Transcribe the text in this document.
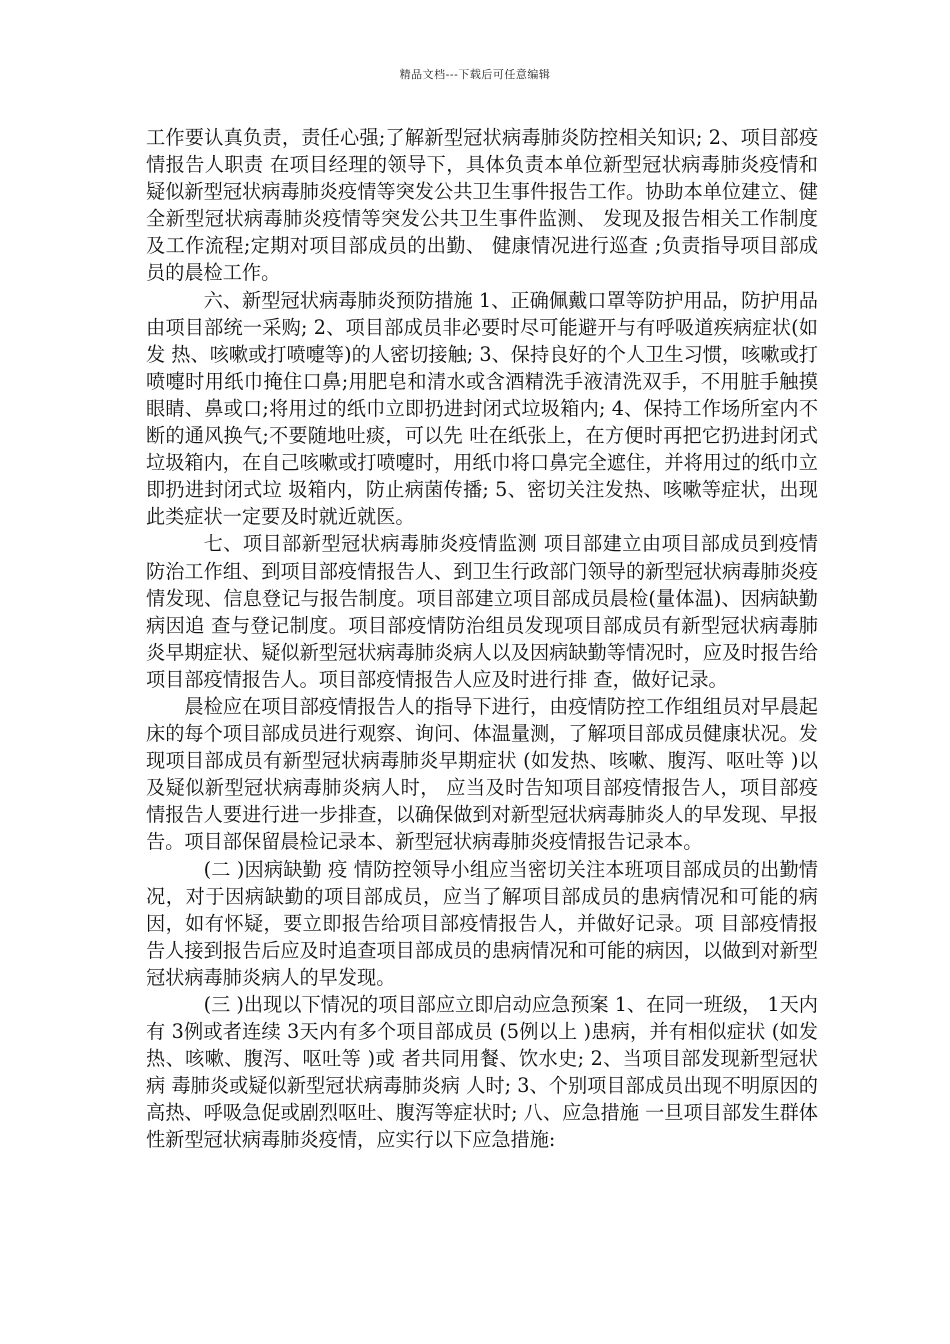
精品文档---下载后可任意编辑

工作要认真负责，责任心强;了解新型冠状病毒肺炎防控相关知识; 2、项目部疫情报告人职责 在项目经理的领导下，具体负责本单位新型冠状病毒肺炎疫情和疑似新型冠状病毒肺炎疫情等突发公共卫生事件报告工作。协助本单位建立、健全新型冠状病毒肺炎疫情等突发公共卫生事件监测、 发现及报告相关工作制度及工作流程;定期对项目部成员的出勤、 健康情况进行巡查 ;负责指导项目部成员的晨检工作。

六、新型冠状病毒肺炎预防措施 1、正确佩戴口罩等防护用品，防护用品由项目部统一采购; 2、项目部成员非必要时尽可能避开与有呼吸道疾病症状(如发 热、咳嗽或打喷嚏等)的人密切接触; 3、保持良好的个人卫生习惯，咳嗽或打喷嚏时用纸巾掩住口鼻;用肥皂和清水或含酒精洗手液清洗双手，不用脏手触摸眼睛、鼻或口;将用过的纸巾立即扔进封闭式垃圾箱内; 4、保持工作场所室内不断的通风换气;不要随地吐痰，可以先 吐在纸张上，在方便时再把它扔进封闭式垃圾箱内，在自己咳嗽或打喷嚏时，用纸巾将口鼻完全遮住，并将用过的纸巾立即扔进封闭式垃 圾箱内，防止病菌传播; 5、密切关注发热、咳嗽等症状，出现此类症状一定要及时就近就医。

七、项目部新型冠状病毒肺炎疫情监测 项目部建立由项目部成员到疫情防治工作组、到项目部疫情报告人、到卫生行政部门领导的新型冠状病毒肺炎疫情发现、信息登记与报告制度。项目部建立项目部成员晨检(量体温)、因病缺勤病因追 查与登记制度。项目部疫情防治组员发现项目部成员有新型冠状病毒肺炎早期症状、疑似新型冠状病毒肺炎病人以及因病缺勤等情况时，应及时报告给项目部疫情报告人。项目部疫情报告人应及时进行排 查，做好记录。

晨检应在项目部疫情报告人的指导下进行，由疫情防控工作组组员对早晨起床的每个项目部成员进行观察、询问、体温量测，了解项目部成员健康状况。发现项目部成员有新型冠状病毒肺炎早期症状 (如发热、咳嗽、腹泻、呕吐等 )以及疑似新型冠状病毒肺炎病人时， 应当及时告知项目部疫情报告人，项目部疫情报告人要进行进一步排查，以确保做到对新型冠状病毒肺炎人的早发现、早报告。项目部保留晨检记录本、新型冠状病毒肺炎疫情报告记录本。

(二 )因病缺勤 疫 情防控领导小组应当密切关注本班项目部成员的出勤情况，对于因病缺勤的项目部成员，应当了解项目部成员的患病情况和可能的病因，如有怀疑，要立即报告给项目部疫情报告人，并做好记录。项 目部疫情报告人接到报告后应及时追查项目部成员的患病情况和可能的病因，以做到对新型冠状病毒肺炎病人的早发现。

(三 )出现以下情况的项目部应立即启动应急预案 1、在同一班级， 1天内有 3例或者连续 3天内有多个项目部成员 (5例以上 )患病，并有相似症状 (如发热、咳嗽、腹泻、呕吐等 )或 者共同用餐、饮水史; 2、当项目部发现新型冠状病 毒肺炎或疑似新型冠状病毒肺炎病 人时; 3、个别项目部成员出现不明原因的高热、呼吸急促或剧烈呕吐、腹泻等症状时; 八、应急措施 一旦项目部发生群体性新型冠状病毒肺炎疫情，应实行以下应急措施:
